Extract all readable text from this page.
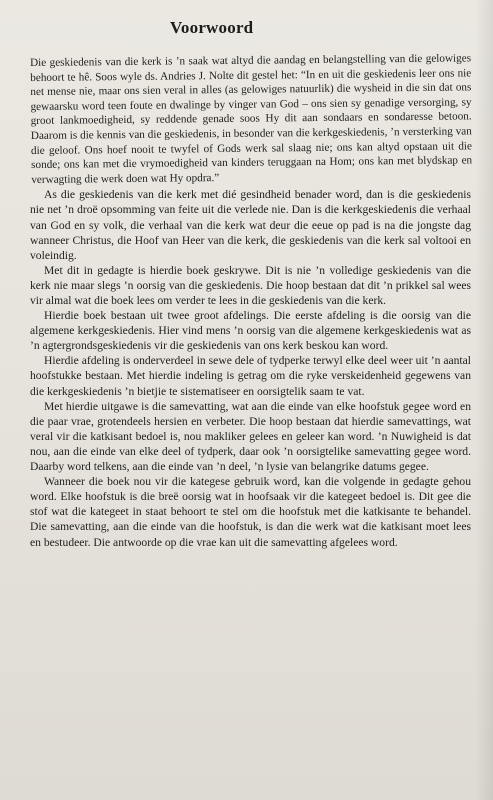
Voorwoord

Die geskiedenis van die kerk is ’n saak wat altyd die aandag en belangstelling van die gelowiges behoort te hê. Soos wyle ds. Andries J. Nolte dit gestel het: “In en uit die geskiedenis leer ons nie net mense nie, maar ons sien veral in alles (as gelowiges natuurlik) die wysheid in die sin dat ons gewaarsku word teen foute en dwalinge by vinger van God – ons sien sy genadige versorging, sy groot lankmoedigheid, sy reddende genade soos Hy dit aan sondaars en sondaresse betoon. Daarom is die kennis van die geskiedenis, in besonder van die kerkgeskiedenis, ’n versterking van die geloof. Ons hoef nooit te twyfel of Gods werk sal slaag nie; ons kan altyd opstaan uit die sonde; ons kan met die vrymoedigheid van kinders teruggaan na Hom; ons kan met blydskap en verwagting die werk doen wat Hy opdra.”

As die geskiedenis van die kerk met dié gesindheid benader word, dan is die geskiedenis nie net ’n droë opsomming van feite uit die verlede nie. Dan is die kerkgeskiedenis die verhaal van God en sy volk, die verhaal van die kerk wat deur die eeue op pad is na die jongste dag wanneer Christus, die Hoof van Heer van die kerk, die geskiedenis van die kerk sal voltooi en voleindig.

Met dit in gedagte is hierdie boek geskrywe. Dit is nie ’n volledige geskiedenis van die kerk nie maar slegs ’n oorsig van die geskiedenis. Die hoop bestaan dat dit ’n prikkel sal wees vir almal wat die boek lees om verder te lees in die geskiedenis van die kerk.

Hierdie boek bestaan uit twee groot afdelings. Die eerste afdeling is die oorsig van die algemene kerkgeskiedenis. Hier vind mens ’n oorsig van die algemene kerkgeskiedenis wat as ’n agtergrondsgeskiedenis vir die geskiedenis van ons kerk beskou kan word.

Hierdie afdeling is onderverdeel in sewe dele of tydperke terwyl elke deel weer uit ’n aantal hoofstukke bestaan. Met hierdie indeling is getrag om die ryke verskeidenheid gegewens van die kerkgeskiedenis ’n bietjie te sistematiseer en oorsigtelik saam te vat.

Met hierdie uitgawe is die samevatting, wat aan die einde van elke hoofstuk gegee word en die paar vrae, grotendeels hersien en verbeter. Die hoop bestaan dat hierdie samevattings, wat veral vir die katkisant bedoel is, nou makliker gelees en geleer kan word. ’n Nuwigheid is dat nou, aan die einde van elke deel of tydperk, daar ook ’n oorsigtelike samevatting gegee word. Daarby word telkens, aan die einde van ’n deel, ’n lysie van belangrike datums gegee.

Wanneer die boek nou vir die kategese gebruik word, kan die volgende in gedagte gehou word. Elke hoofstuk is die breë oorsig wat in hoofsaak vir die kategeet bedoel is. Dit gee die stof wat die kategeet in staat behoort te stel om die hoofstuk met die katkisante te behandel. Die samevatting, aan die einde van die hoofstuk, is dan die werk wat die katkisant moet lees en bestudeer. Die antwoorde op die vrae kan uit die samevatting afgelees word.
